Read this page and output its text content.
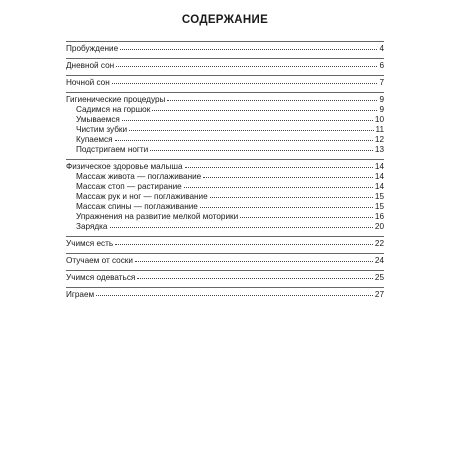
СОДЕРЖАНИЕ
Пробуждение	4
Дневной сон	6
Ночной сон	7
Гигиенические процедуры	9
Садимся на горшок	9
Умываемся	10
Чистим зубки	11
Купаемся	12
Подстригаем ногти	13
Физическое здоровье малыша	14
Массаж живота — поглаживание	14
Массаж стоп — растирание	14
Массаж рук и ног — поглаживание	15
Массаж спины — поглаживание	15
Упражнения на развитие мелкой моторики	16
Зарядка	20
Учимся есть	22
Отучаем от соски	24
Учимся одеваться	25
Играем	27
